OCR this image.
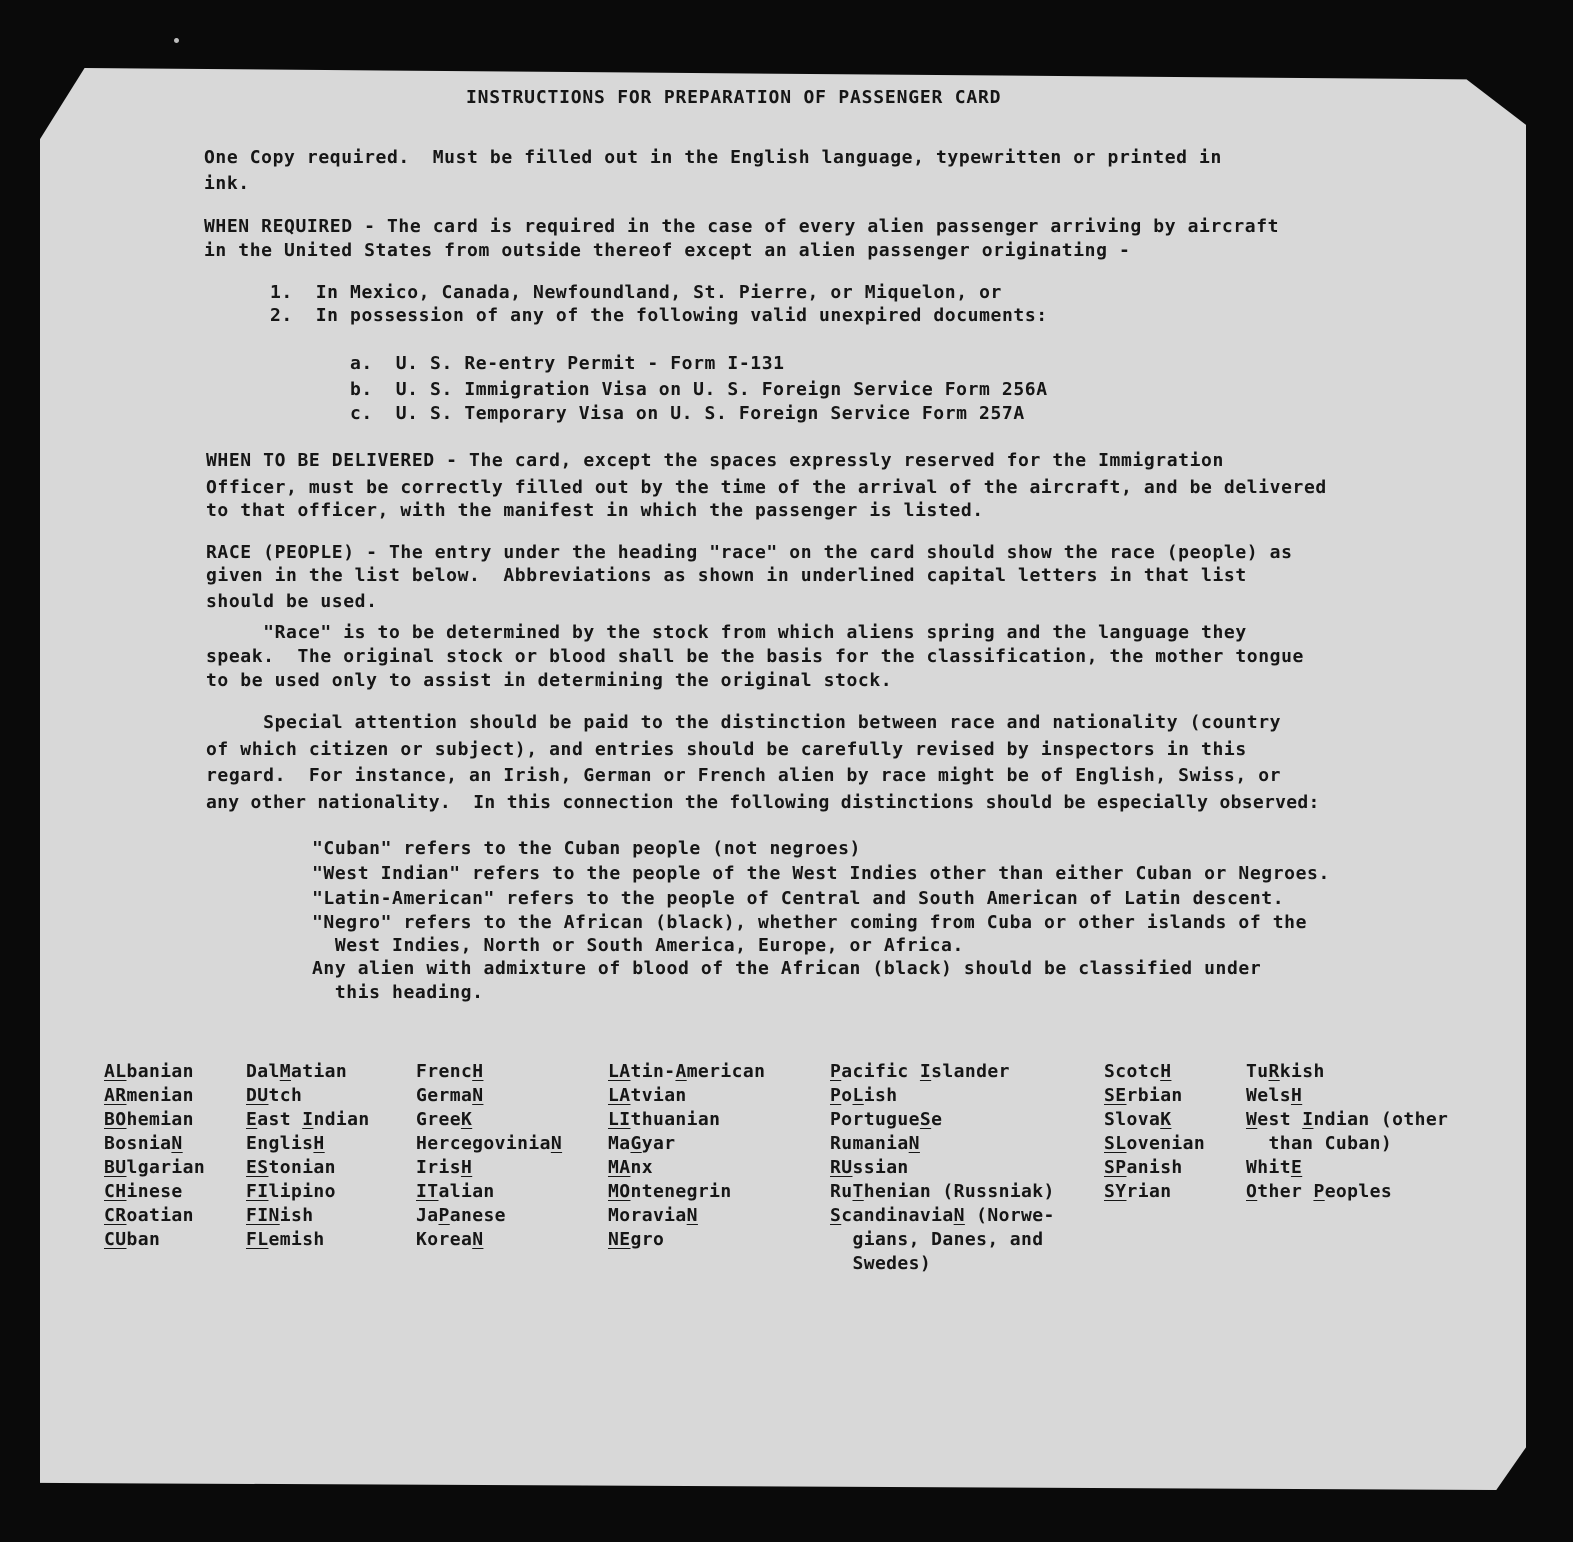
INSTRUCTIONS FOR PREPARATION OF PASSENGER CARD

One Copy required.  Must be filled out in the English language, typewritten or printed in

ink.

WHEN REQUIRED - The card is required in the case of every alien passenger arriving by aircraft

in the United States from outside thereof except an alien passenger originating -

1.  In Mexico, Canada, Newfoundland, St. Pierre, or Miquelon, or

2.  In possession of any of the following valid unexpired documents:

a.  U. S. Re-entry Permit - Form I-131

b.  U. S. Immigration Visa on U. S. Foreign Service Form 256A

c.  U. S. Temporary Visa on U. S. Foreign Service Form 257A

WHEN TO BE DELIVERED - The card, except the spaces expressly reserved for the Immigration

Officer, must be correctly filled out by the time of the arrival of the aircraft, and be delivered

to that officer, with the manifest in which the passenger is listed.

RACE (PEOPLE) - The entry under the heading "race" on the card should show the race (people) as

given in the list below.  Abbreviations as shown in underlined capital letters in that list

should be used.

"Race" is to be determined by the stock from which aliens spring and the language they

speak.  The original stock or blood shall be the basis for the classification, the mother tongue

to be used only to assist in determining the original stock.

Special attention should be paid to the distinction between race and nationality (country

of which citizen or subject), and entries should be carefully revised by inspectors in this

regard.  For instance, an Irish, German or French alien by race might be of English, Swiss, or

any other nationality.  In this connection the following distinctions should be especially observed:

"Cuban" refers to the Cuban people (not negroes)

"West Indian" refers to the people of the West Indies other than either Cuban or Negroes.

"Latin-American" refers to the people of Central and South American of Latin descent.

"Negro" refers to the African (black), whether coming from Cuba or other islands of the

West Indies, North or South America, Europe, or Africa.

Any alien with admixture of blood of the African (black) should be classified under

this heading.

ALbanian
ARmenian
BOhemian
BosniaN
BUlgarian
CHinese
CRoatian
CUban
DalMatian
DUtch
East Indian
EnglisH
EStonian
FIlipino
FINish
FLemish
FrencH
GermaN
GreeK
HercegoviniaN
IrisH
ITalian
JaPanese
KoreaN
LAtin-American
LAtvian
LIthuanian
MaGyar
MAnx
MOntenegrin
MoraviaN
NEgro
Pacific Islander
PoLish
PortugueSe
RumaniaN
RUssian
RuThenian (Russniak)
ScandinaviaN (Norwe-
gians, Danes, and
Swedes)
ScotcH
SErbian
SlovaK
SLovenian
SPanish
SYrian
TuRkish
WelsH
West Indian (other
than Cuban)
WhitE
Other Peoples
